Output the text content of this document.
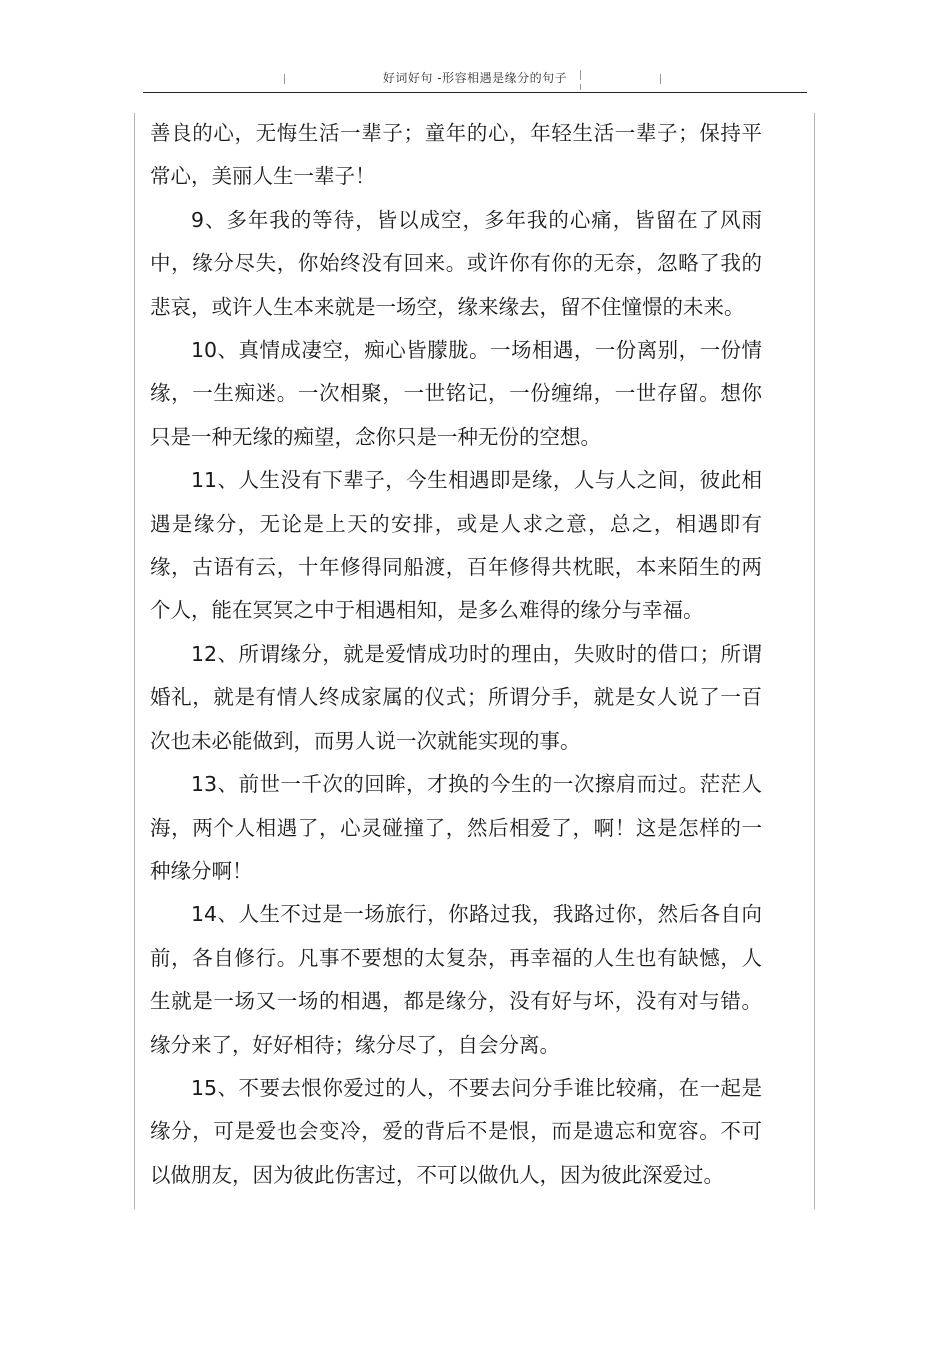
好词好句 -形容相遇是缘分的句子

善良的心，无悔生活一辈子；童年的心，年轻生活一辈子；保持平常心，美丽人生一辈子！

9、多年我的等待，皆以成空，多年我的心痛，皆留在了风雨中，缘分尽失，你始终没有回来。或许你有你的无奈，忽略了我的悲哀，或许人生本来就是一场空，缘来缘去，留不住憧憬的未来。

10、真情成凄空，痴心皆朦胧。一场相遇，一份离别，一份情缘，一生痴迷。一次相聚，一世铭记，一份缠绵，一世存留。想你只是一种无缘的痴望，念你只是一种无份的空想。

11、人生没有下辈子，今生相遇即是缘，人与人之间，彼此相遇是缘分，无论是上天的安排，或是人求之意，总之，相遇即有缘，古语有云，十年修得同船渡，百年修得共枕眠，本来陌生的两个人，能在冥冥之中于相遇相知，是多么难得的缘分与幸福。

12、所谓缘分，就是爱情成功时的理由，失败时的借口；所谓婚礼，就是有情人终成家属的仪式；所谓分手，就是女人说了一百次也未必能做到，而男人说一次就能实现的事。

13、前世一千次的回眸，才换的今生的一次擦肩而过。茫茫人海，两个人相遇了，心灵碰撞了，然后相爱了，啊！这是怎样的一种缘分啊！

14、人生不过是一场旅行，你路过我，我路过你，然后各自向前，各自修行。凡事不要想的太复杂，再幸福的人生也有缺憾，人生就是一场又一场的相遇，都是缘分，没有好与坏，没有对与错。缘分来了，好好相待；缘分尽了，自会分离。

15、不要去恨你爱过的人，不要去问分手谁比较痛，在一起是缘分，可是爱也会变冷，爱的背后不是恨，而是遗忘和宽容。不可以做朋友，因为彼此伤害过，不可以做仇人，因为彼此深爱过。
